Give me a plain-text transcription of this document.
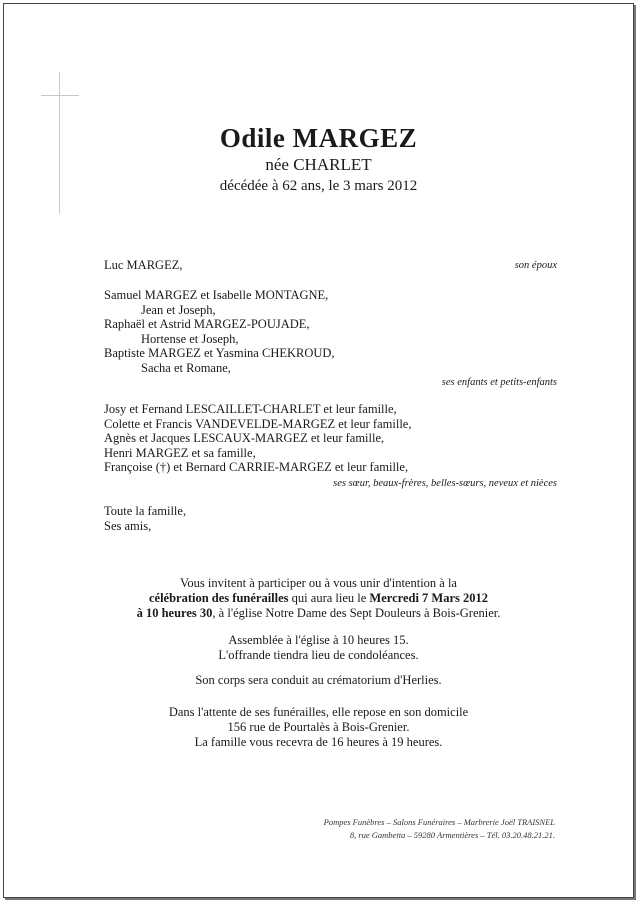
Odile MARGEZ
née CHARLET
décédée à 62 ans, le 3 mars 2012
Luc MARGEZ,	son époux
Samuel MARGEZ et Isabelle MONTAGNE,
Jean et Joseph,
Raphaël et Astrid MARGEZ-POUJADE,
Hortense et Joseph,
Baptiste MARGEZ et Yasmina CHEKROUD,
Sacha et Romane,
ses enfants et petits-enfants
Josy et Fernand LESCAILLET-CHARLET et leur famille,
Colette et Francis VANDEVELDE-MARGEZ et leur famille,
Agnès et Jacques LESCAUX-MARGEZ et leur famille,
Henri MARGEZ et sa famille,
Françoise (†) et Bernard CARRIE-MARGEZ et leur famille,
ses sœur, beaux-frères, belles-sœurs, neveux et nièces
Toute la famille,
Ses amis,
Vous invitent à participer ou à vous unir d'intention à la
célébration des funérailles qui aura lieu le Mercredi 7 Mars 2012
à 10 heures 30, à l'église Notre Dame des Sept Douleurs à Bois-Grenier.
Assemblée à l'église à 10 heures 15.
L'offrande tiendra lieu de condoléances.
Son corps sera conduit au crématorium d'Herlies.
Dans l'attente de ses funérailles, elle repose en son domicile
156 rue de Pourtalès à Bois-Grenier.
La famille vous recevra de 16 heures à 19 heures.
Pompes Funèbres – Salons Funéraires – Marbrerie Joël TRAISNEL
8, rue Gambetta – 59280 Armentières – Tél. 03.20.48.21.21.
